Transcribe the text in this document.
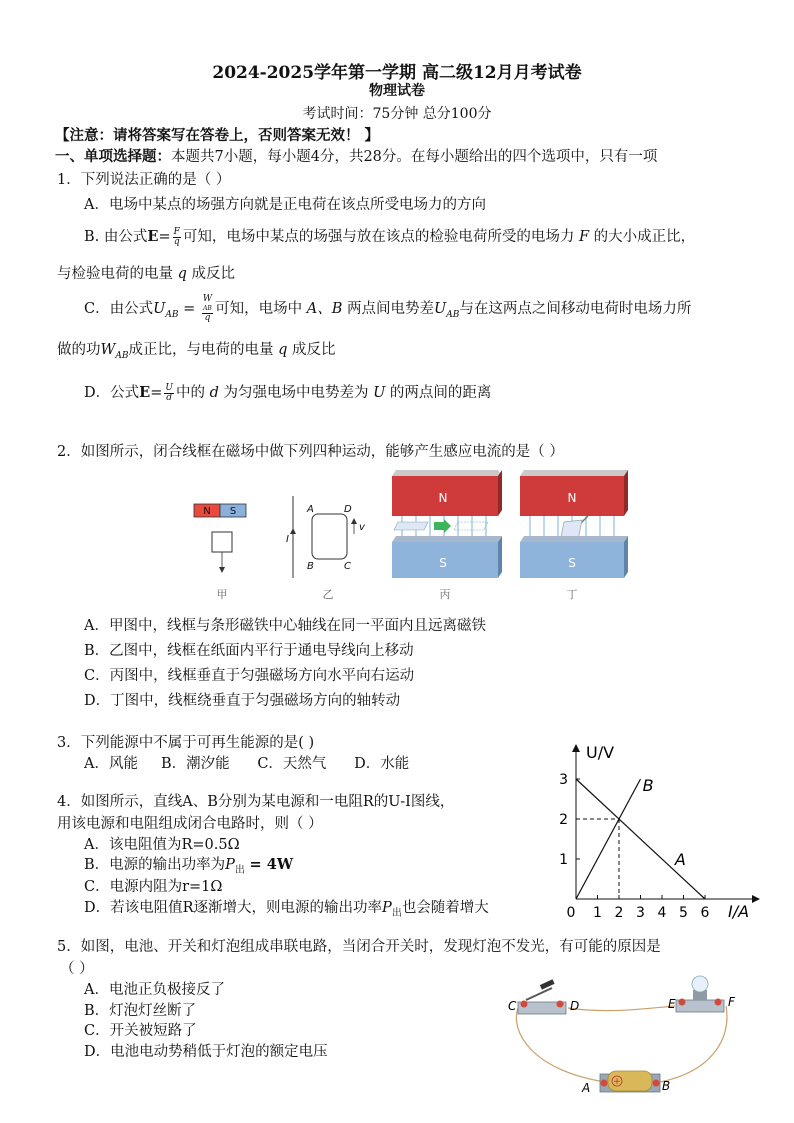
2024-2025学年第一学期 高二级12月月考试卷
物理试卷
考试时间：75分钟 总分100分
【注意：请将答案写在答卷上，否则答案无效！ 】
一、单项选择题：本题共7小题，每小题4分，共28分。在每小题给出的四个选项中，只有一项
1．下列说法正确的是（ ）
A．电场中某点的场强方向就是正电荷在该点所受电场力的方向
B. 由公式$E= \frac{F}{q}$ 可知，电场中某点的场强与放在该点的检验电荷所受的电场力 F 的大小成正比，
与检验电荷的电量 q 成反比
C．由公式$U_{AB} = W$
AB
q 可知，电场中 A、B 两点间电势差$U_{AB}$与在这两点之间移动电荷时电场力所
做的功$W_{AB}$成正比，与电荷的电量 q 成反比
D．公式$E= \frac{U}{d}$ 中的 d 为匀强电场中电势差为 U 的两点间的距离
2．如图所示，闭合线框在磁场中做下列四种运动，能够产生感应电流的是（ ）
N S
甲
I
A
B	C
D
v
乙
N
S
丙
N
S
丁
A．甲图中，线框与条形磁铁中心轴线在同一平面内且远离磁铁
B．乙图中，线框在纸面内平行于通电导线向上移动
C．丙图中，线框垂直于匀强磁场方向水平向右运动
D．丁图中，线框绕垂直于匀强磁场方向的轴转动
3．下列能源中不属于可再生能源的是( )
A．风能     B．潮汐能      C．天然气      D．水能
4．如图所示，直线A、B分别为某电源和一电阻R的U-I图线，
用该电源和电阻组成闭合电路时，则（ ）
A．该电阻值为R=0.5Ω
B．电源的输出功率为$P_出 = 4W$
C．电源内阻为r=1Ω
D．若该电阻值R逐渐增大，则电源的输出功率$P_出$也会随着增大
U/V
I/A
0 1 2 3 4 5 6
1
2
3
A
B
5．如图，电池、开关和灯泡组成串联电路，当闭合开关时，发现灯泡不发光，有可能的原因是
（ ）
A．电池正负极接反了
B．灯泡灯丝断了
C．开关被短路了
D．电池电动势稍低于灯泡的额定电压
C	D	E	F
+
A	B
